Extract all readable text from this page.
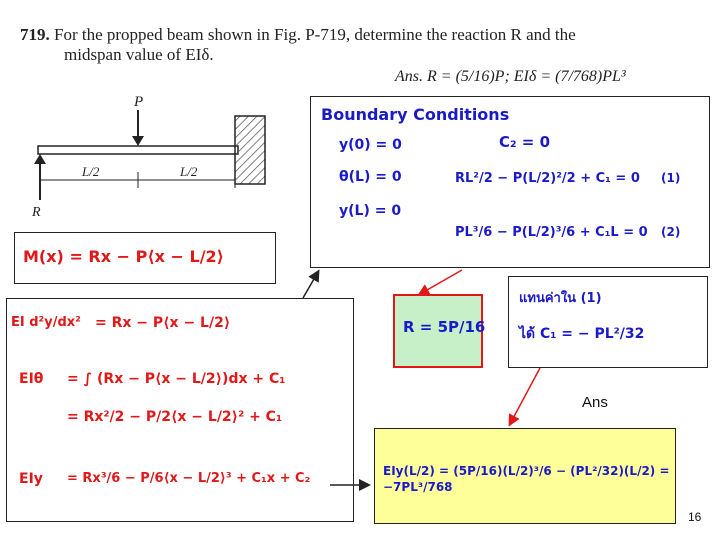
719. For the propped beam shown in Fig. P-719, determine the reaction R and the
midspan value of EIδ.
Ans. R = (5/16)P; EIδ = (7/768)PL³
P
R
L/2	L/2
Boundary Conditions
y(0) = 0
θ(L) = 0
y(L) = 0
C₂ = 0
RL²/2 − P(L/2)²/2 + C₁ = 0 (1)
PL³/6 − P(L/2)³/6 + C₁L = 0 (2)
M(x) = Rx − P⟨x − L/2⟩
EI d²y/dx² = Rx − P⟨x − L/2⟩
EIθ = ∫ (Rx − P⟨x − L/2⟩)dx + C₁
= Rx²/2 − P/2⟨x − L/2⟩² + C₁
EIy = Rx³/6 − P/6⟨x − L/2⟩³ + C₁x + C₂
R = 5P/16
แทนค่าใน (1)
ได้ C₁ = − PL²/32
Ans
EIy(L/2) = (5P/16)(L/2)³/6 − (PL²/32)(L/2) = −7PL³/768
16
